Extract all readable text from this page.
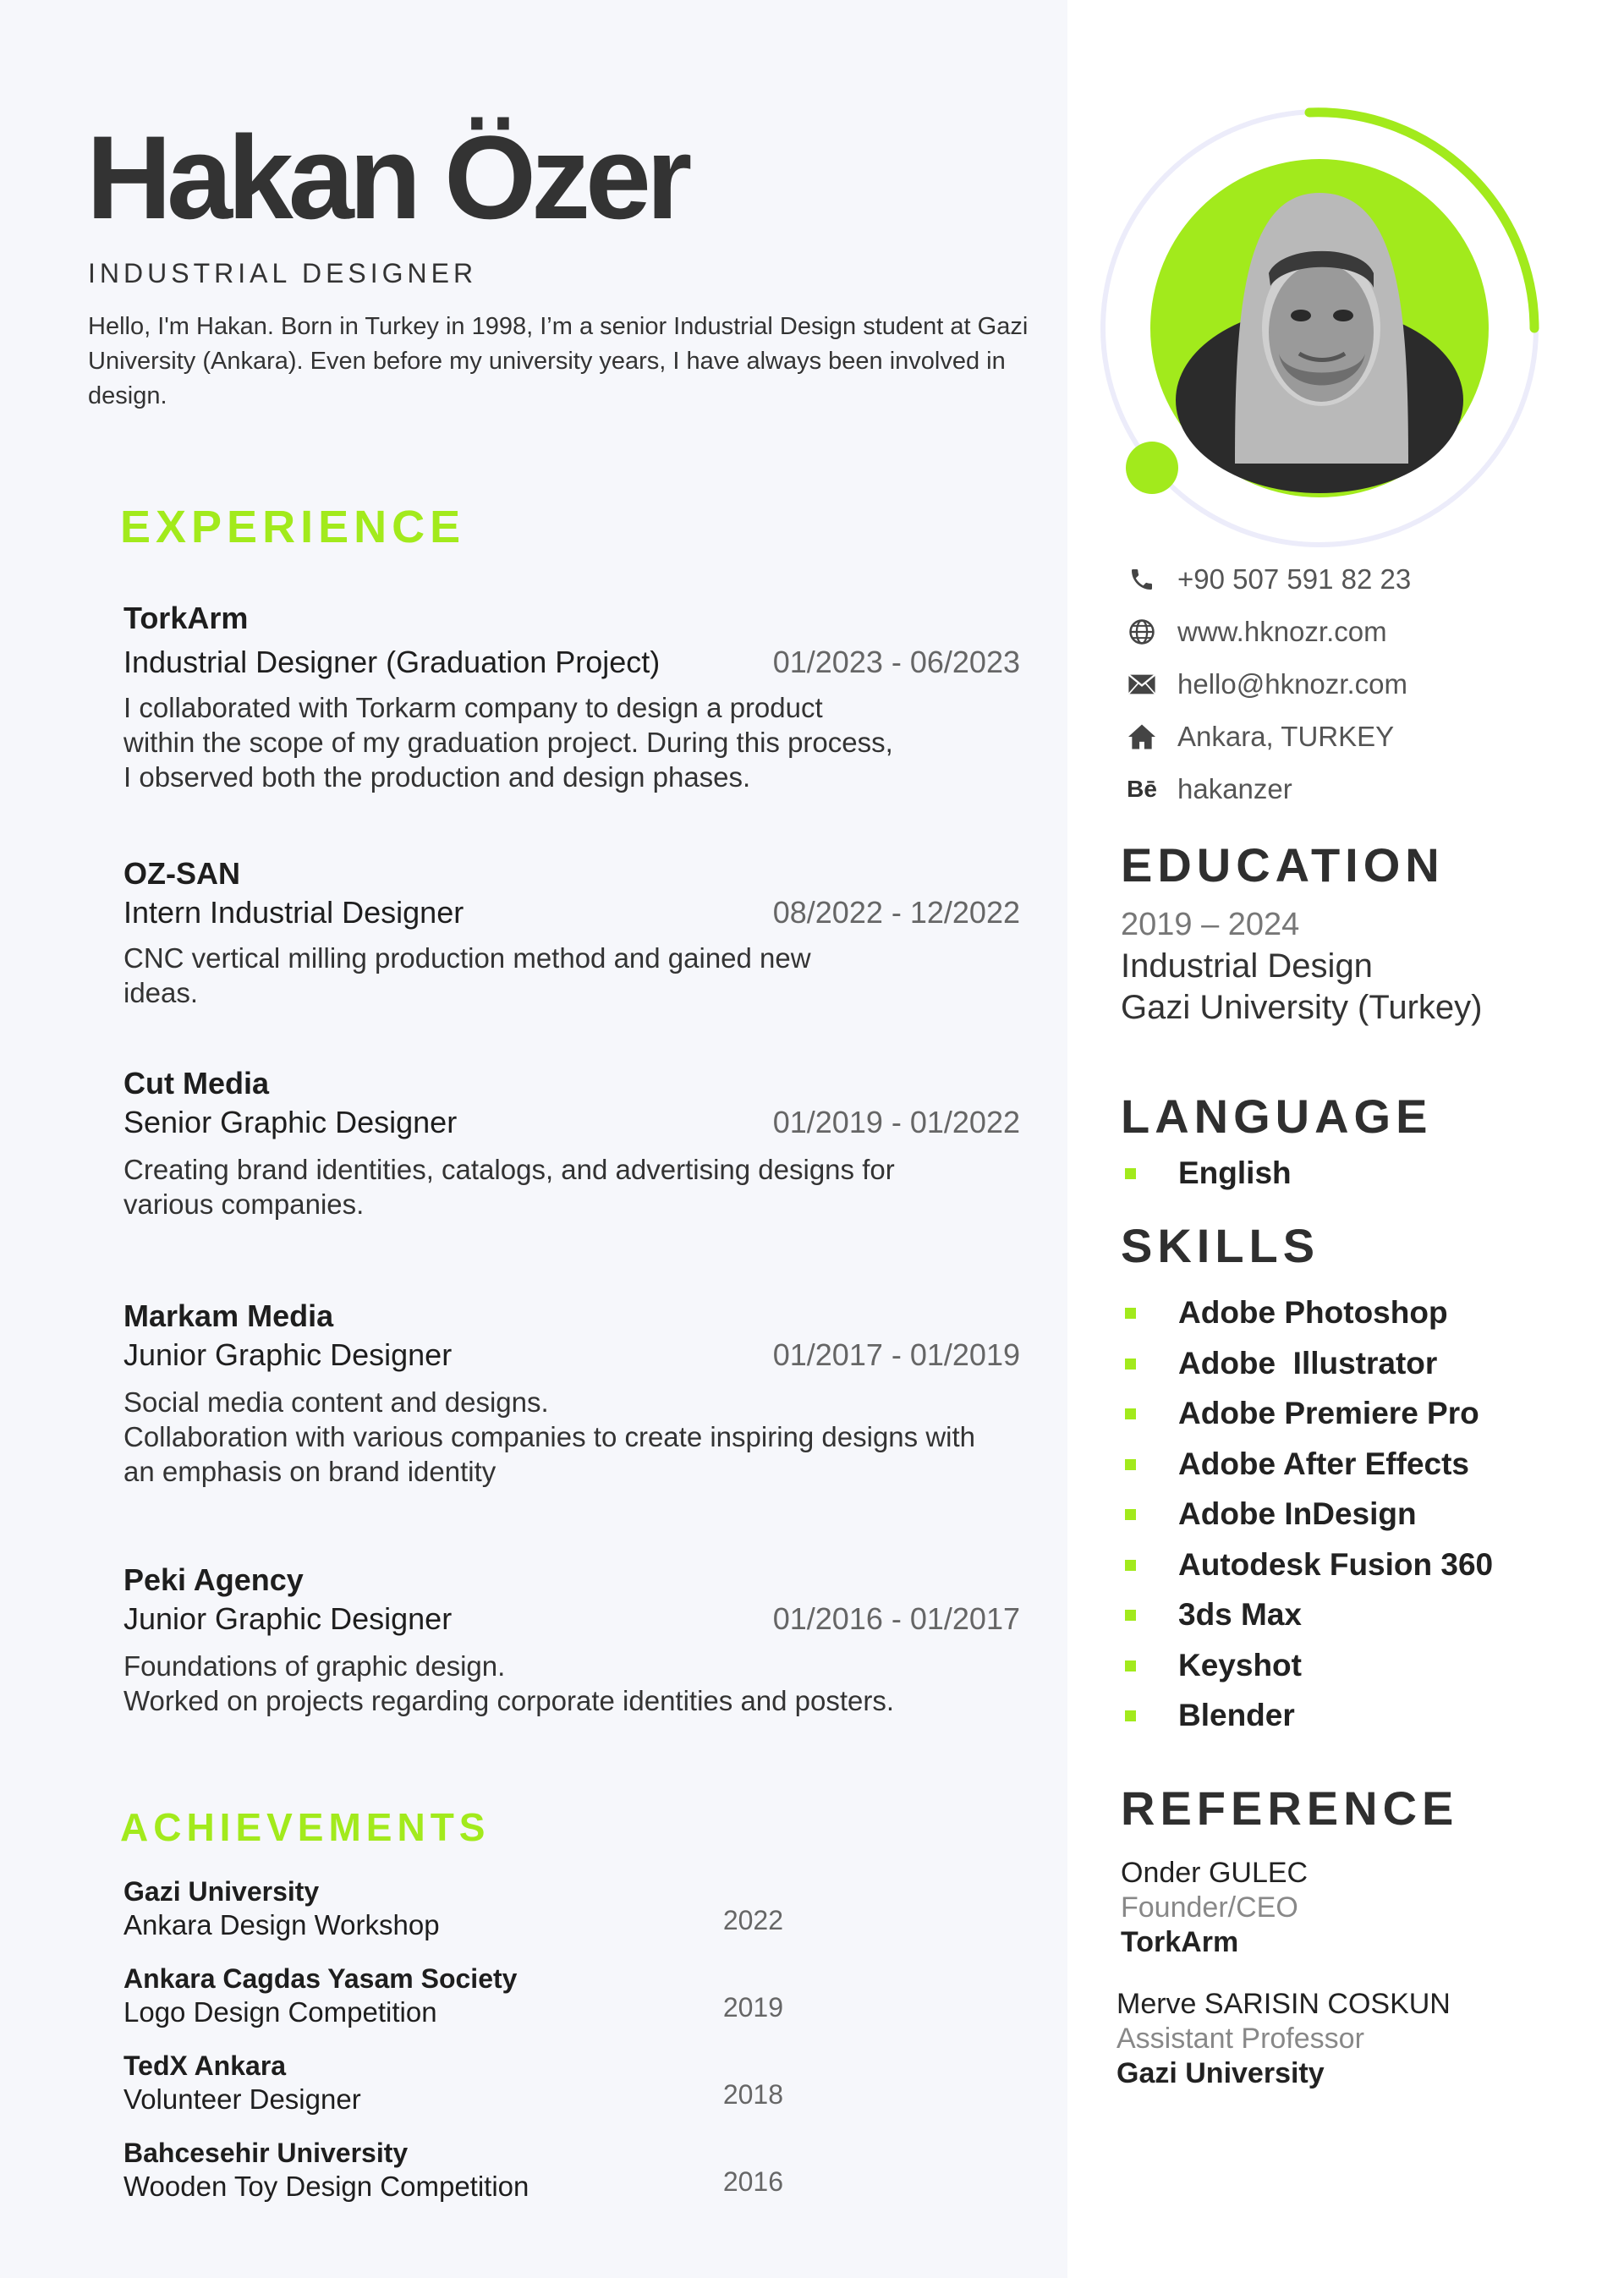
Hakan Özer
INDUSTRIAL DESIGNER
Hello, I'm Hakan. Born in Turkey in 1998, I’m a senior Industrial Design student at Gazi University (Ankara). Even before my university years, I have always been involved in design.
EXPERIENCE
TorkArm
Industrial Designer (Graduation Project)	01/2023 - 06/2023
I collaborated with Torkarm company to design a product within the scope of my graduation project. During this process, I observed both the production and design phases.
OZ-SAN
Intern Industrial Designer	08/2022 - 12/2022
CNC vertical milling production method and gained new ideas.
Cut Media
Senior Graphic Designer	01/2019 - 01/2022
Creating brand identities, catalogs, and advertising designs for various companies.
Markam Media
Junior Graphic Designer	01/2017 - 01/2019
Social media content and designs.
Collaboration with various companies to create inspiring designs with an emphasis on brand identity
Peki Agency
Junior Graphic Designer	01/2016 - 01/2017
Foundations of graphic design.
Worked on projects regarding corporate identities and posters.
ACHIEVEMENTS
Gazi University
Ankara Design Workshop	2022
Ankara Cagdas Yasam Society
Logo Design Competition	2019
TedX Ankara
Volunteer Designer	2018
Bahcesehir University
Wooden Toy Design Competition	2016
+90 507 591 82 23
www.hknozr.com
hello@hknozr.com
Ankara, TURKEY
Bē hakanzer
EDUCATION
2019 – 2024
Industrial Design
Gazi University (Turkey)
LANGUAGE
English
SKILLS
Adobe Photoshop
Adobe  Illustrator
Adobe Premiere Pro
Adobe After Effects
Adobe InDesign
Autodesk Fusion 360
3ds Max
Keyshot
Blender
REFERENCE
Onder GULEC
Founder/CEO
TorkArm
Merve SARISIN COSKUN
Assistant Professor
Gazi University
